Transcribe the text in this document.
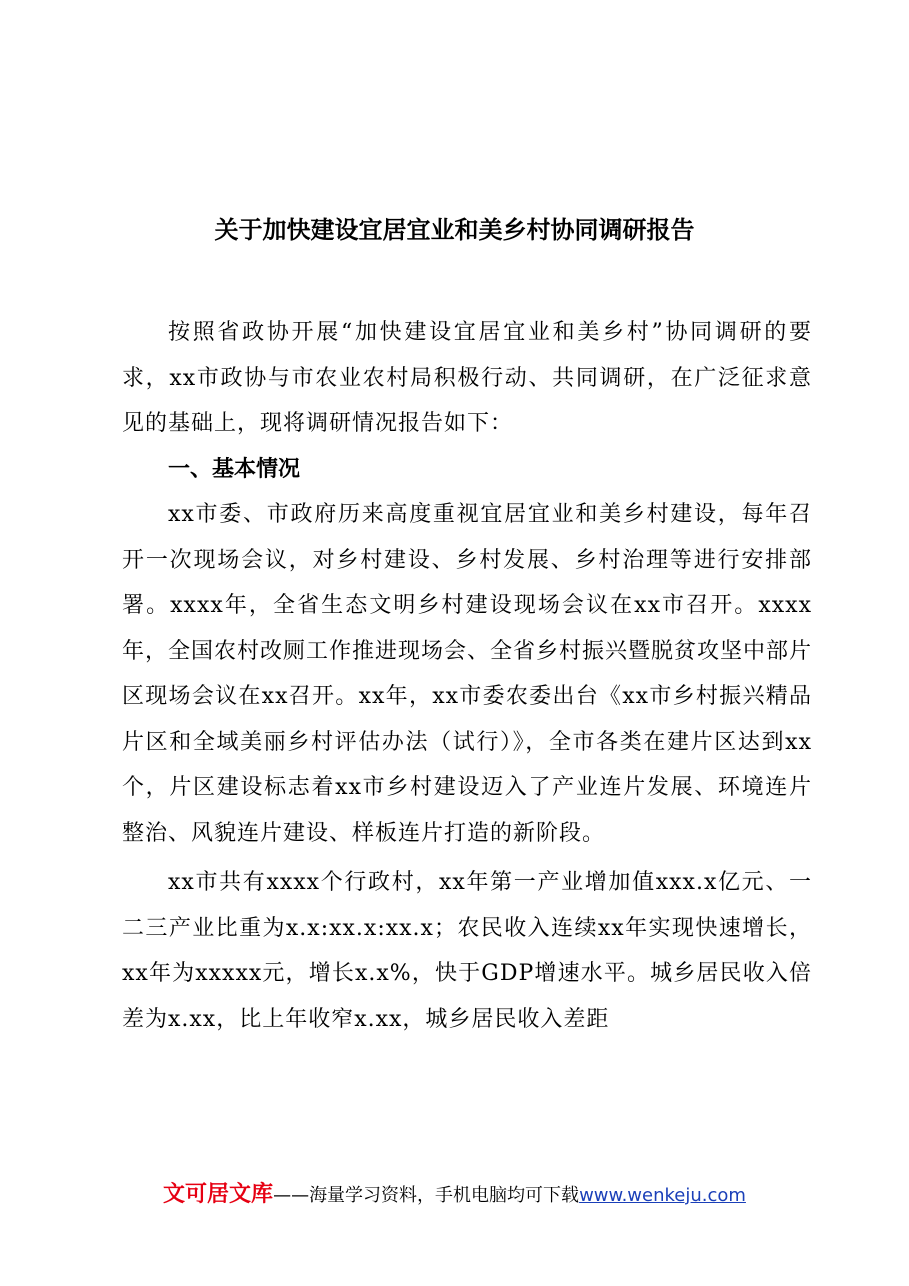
关于加快建设宜居宜业和美乡村协同调研报告

按照省政协开展“加快建设宜居宜业和美乡村”协同调研的要求，xx市政协与市农业农村局积极行动、共同调研，在广泛征求意见的基础上，现将调研情况报告如下：

一、基本情况

xx市委、市政府历来高度重视宜居宜业和美乡村建设，每年召开一次现场会议，对乡村建设、乡村发展、乡村治理等进行安排部署。xxxx年，全省生态文明乡村建设现场会议在xx市召开。xxxx年，全国农村改厕工作推进现场会、全省乡村振兴暨脱贫攻坚中部片区现场会议在xx召开。xx年，xx市委农委出台《xx市乡村振兴精品片区和全域美丽乡村评估办法（试行）》，全市各类在建片区达到xx个，片区建设标志着xx市乡村建设迈入了产业连片发展、环境连片整治、风貌连片建设、样板连片打造的新阶段。

xx市共有xxxx个行政村，xx年第一产业增加值xxx.x亿元、一二三产业比重为x.x:xx.x:xx.x；农民收入连续xx年实现快速增长，xx年为xxxxx元，增长x.x%，快于GDP增速水平。城乡居民收入倍差为x.xx，比上年收窄x.xx，城乡居民收入差距

文可居文库——海量学习资料，手机电脑均可下载www.wenkeju.com
